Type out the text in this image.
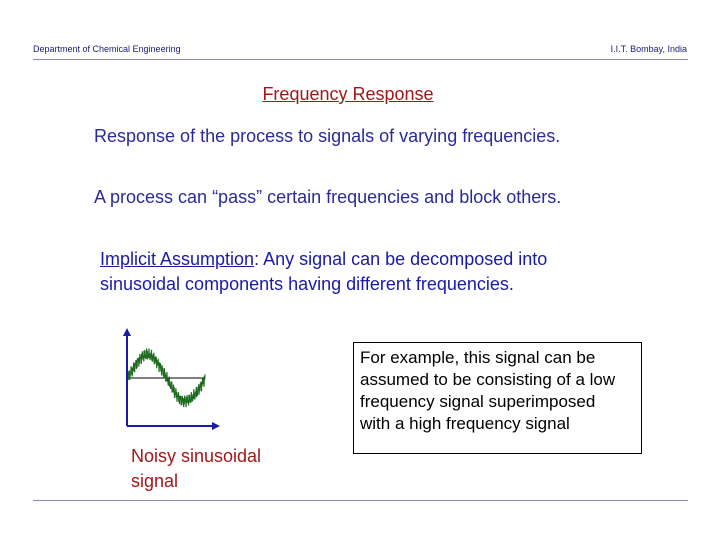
Department of Chemical Engineering	I.I.T. Bombay, India
Frequency Response
Response of the process to signals of varying frequencies.
A process can “pass” certain frequencies and block others.
Implicit Assumption: Any signal can be decomposed into
sinusoidal components having different frequencies.
Noisy sinusoidal
signal
For example, this signal can be
assumed to be consisting of a low
frequency signal superimposed
with a high frequency signal
